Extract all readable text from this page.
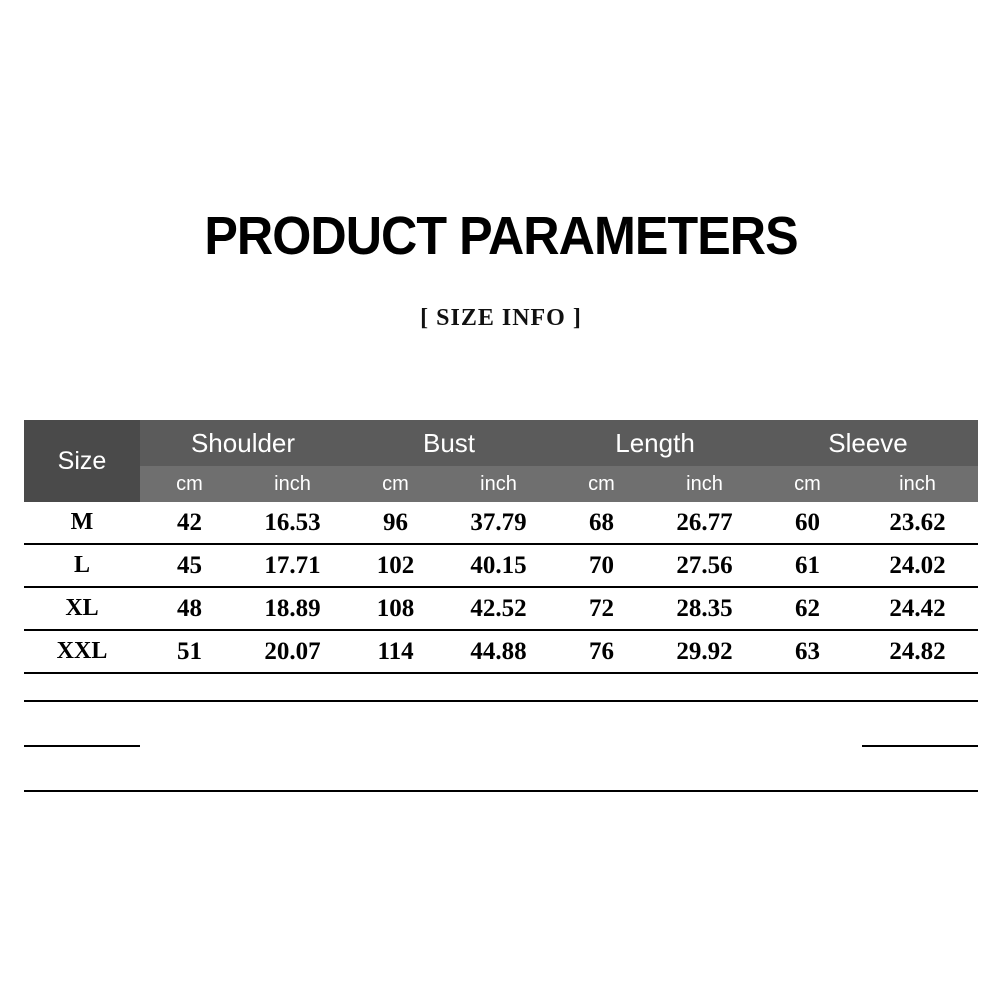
PRODUCT PARAMETERS
[ SIZE INFO ]
Size	Shoulder		Bust		Length		Sleeve	
	cm	inch	cm	inch	cm	inch	cm	inch
M	42	16.53	96	37.79	68	26.77	60	23.62
L	45	17.71	102	40.15	70	27.56	61	24.02
XL	48	18.89	108	42.52	72	28.35	62	24.42
XXL	51	20.07	114	44.88	76	29.92	63	24.82
